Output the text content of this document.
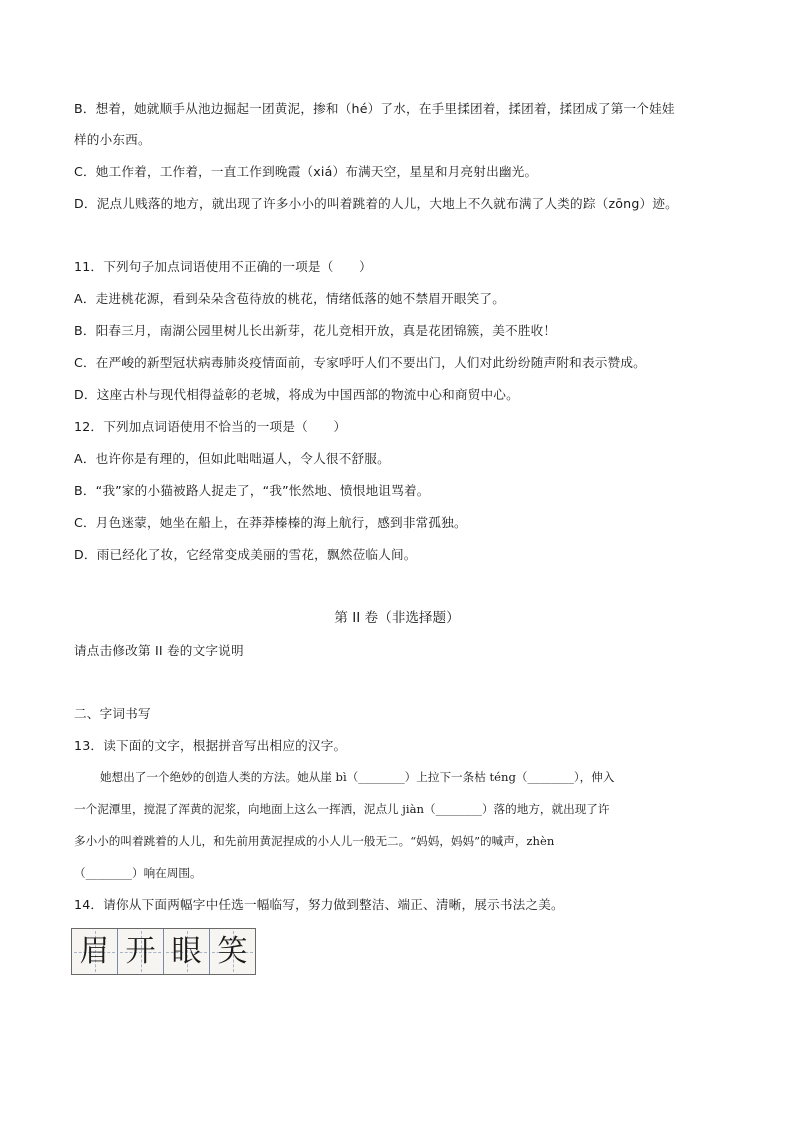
B．想着，她就顺手从池边掘起一团黄泥，掺和（hé）了水，在手里揉团着，揉团着，揉团成了第一个娃娃
样的小东西。
C．她工作着，工作着，一直工作到晚霞（xiá）布满天空，星星和月亮射出幽光。
D．泥点儿贱落的地方，就出现了许多小小的叫着跳着的人儿，大地上不久就布满了人类的踪（zōng）迹。
11．下列句子加点词语使用不正确的一项是（　　）
A．走进桃花源，看到朵朵含苞待放的桃花，情绪低落的她不禁眉开眼笑了。
B．阳春三月，南湖公园里树儿长出新芽，花儿竞相开放，真是花团锦簇，美不胜收！
C．在严峻的新型冠状病毒肺炎疫情面前，专家呼吁人们不要出门，人们对此纷纷随声附和表示赞成。
D．这座古朴与现代相得益彰的老城，将成为中国西部的物流中心和商贸中心。
12．下列加点词语使用不恰当的一项是（　　）
A．也许你是有理的，但如此咄咄逼人，令人很不舒服。
B．“我”家的小猫被路人捉走了，“我”怅然地、愤恨地诅骂着。
C．月色迷蒙，她坐在船上，在莽莽榛榛的海上航行，感到非常孤独。
D．雨已经化了妆，它经常变成美丽的雪花，飘然莅临人间。
第 II 卷（非选择题）
请点击修改第 II 卷的文字说明
二、字词书写
13．读下面的文字，根据拼音写出相应的汉字。
她想出了一个绝妙的创造人类的方法。她从崖 bì（________）上拉下一条枯 téng（________），伸入
一个泥潭里，搅混了浑黄的泥浆，向地面上这么一挥洒，泥点儿 jiàn（________）落的地方，就出现了许
多小小的叫着跳着的人儿，和先前用黄泥捏成的小人儿一般无二。“妈妈，妈妈”的喊声，zhèn
（________）响在周围。
14．请你从下面两幅字中任选一幅临写，努力做到整洁、端正、清晰，展示书法之美。
眉 开 眼 笑
